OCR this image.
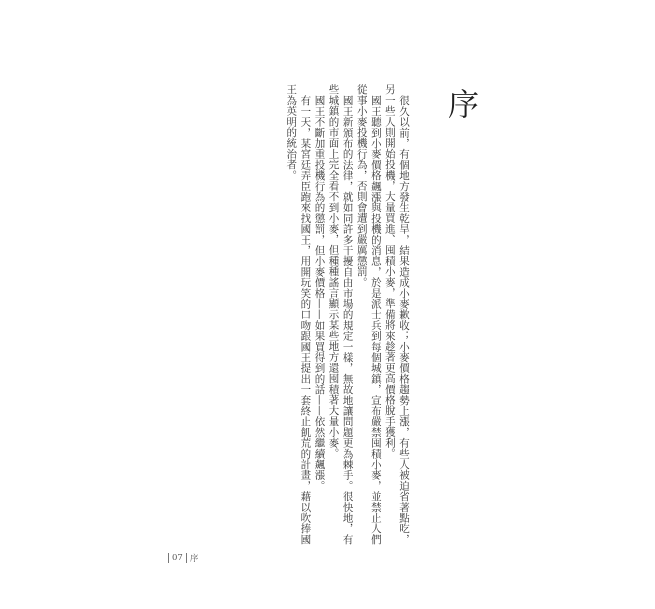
序

很久以前，有個地方發生乾旱，結果造成小麥歉收；小麥價格趨勢上漲，有些人被迫省著點吃，另一些人則開始投機，大量買進、囤積小麥，準備將來趁著更高價格脫手獲利。

國王聽到小麥價格飆漲與投機的消息，於是派士兵到每個城鎮，宣布嚴禁囤積小麥，並禁止人們從事小麥投機行為，否則會遭到嚴厲懲罰。

國王新頒布的法律，就如同許多干擾自由市場的規定一樣，無故地讓問題更為棘手。很快地，有些城鎮的市面上完全看不到小麥，但種種謠言顯示某些地方還囤積著大量小麥。

國王不斷加重投機行為的懲罰，但小麥價格——如果買得到的話——依然繼續飆漲。

有一天，某宮廷弄臣跑來找國王，用開玩笑的口吻跟國王提出一套終止飢荒的計畫，藉以吹捧國王為英明的統治者。

07 序
